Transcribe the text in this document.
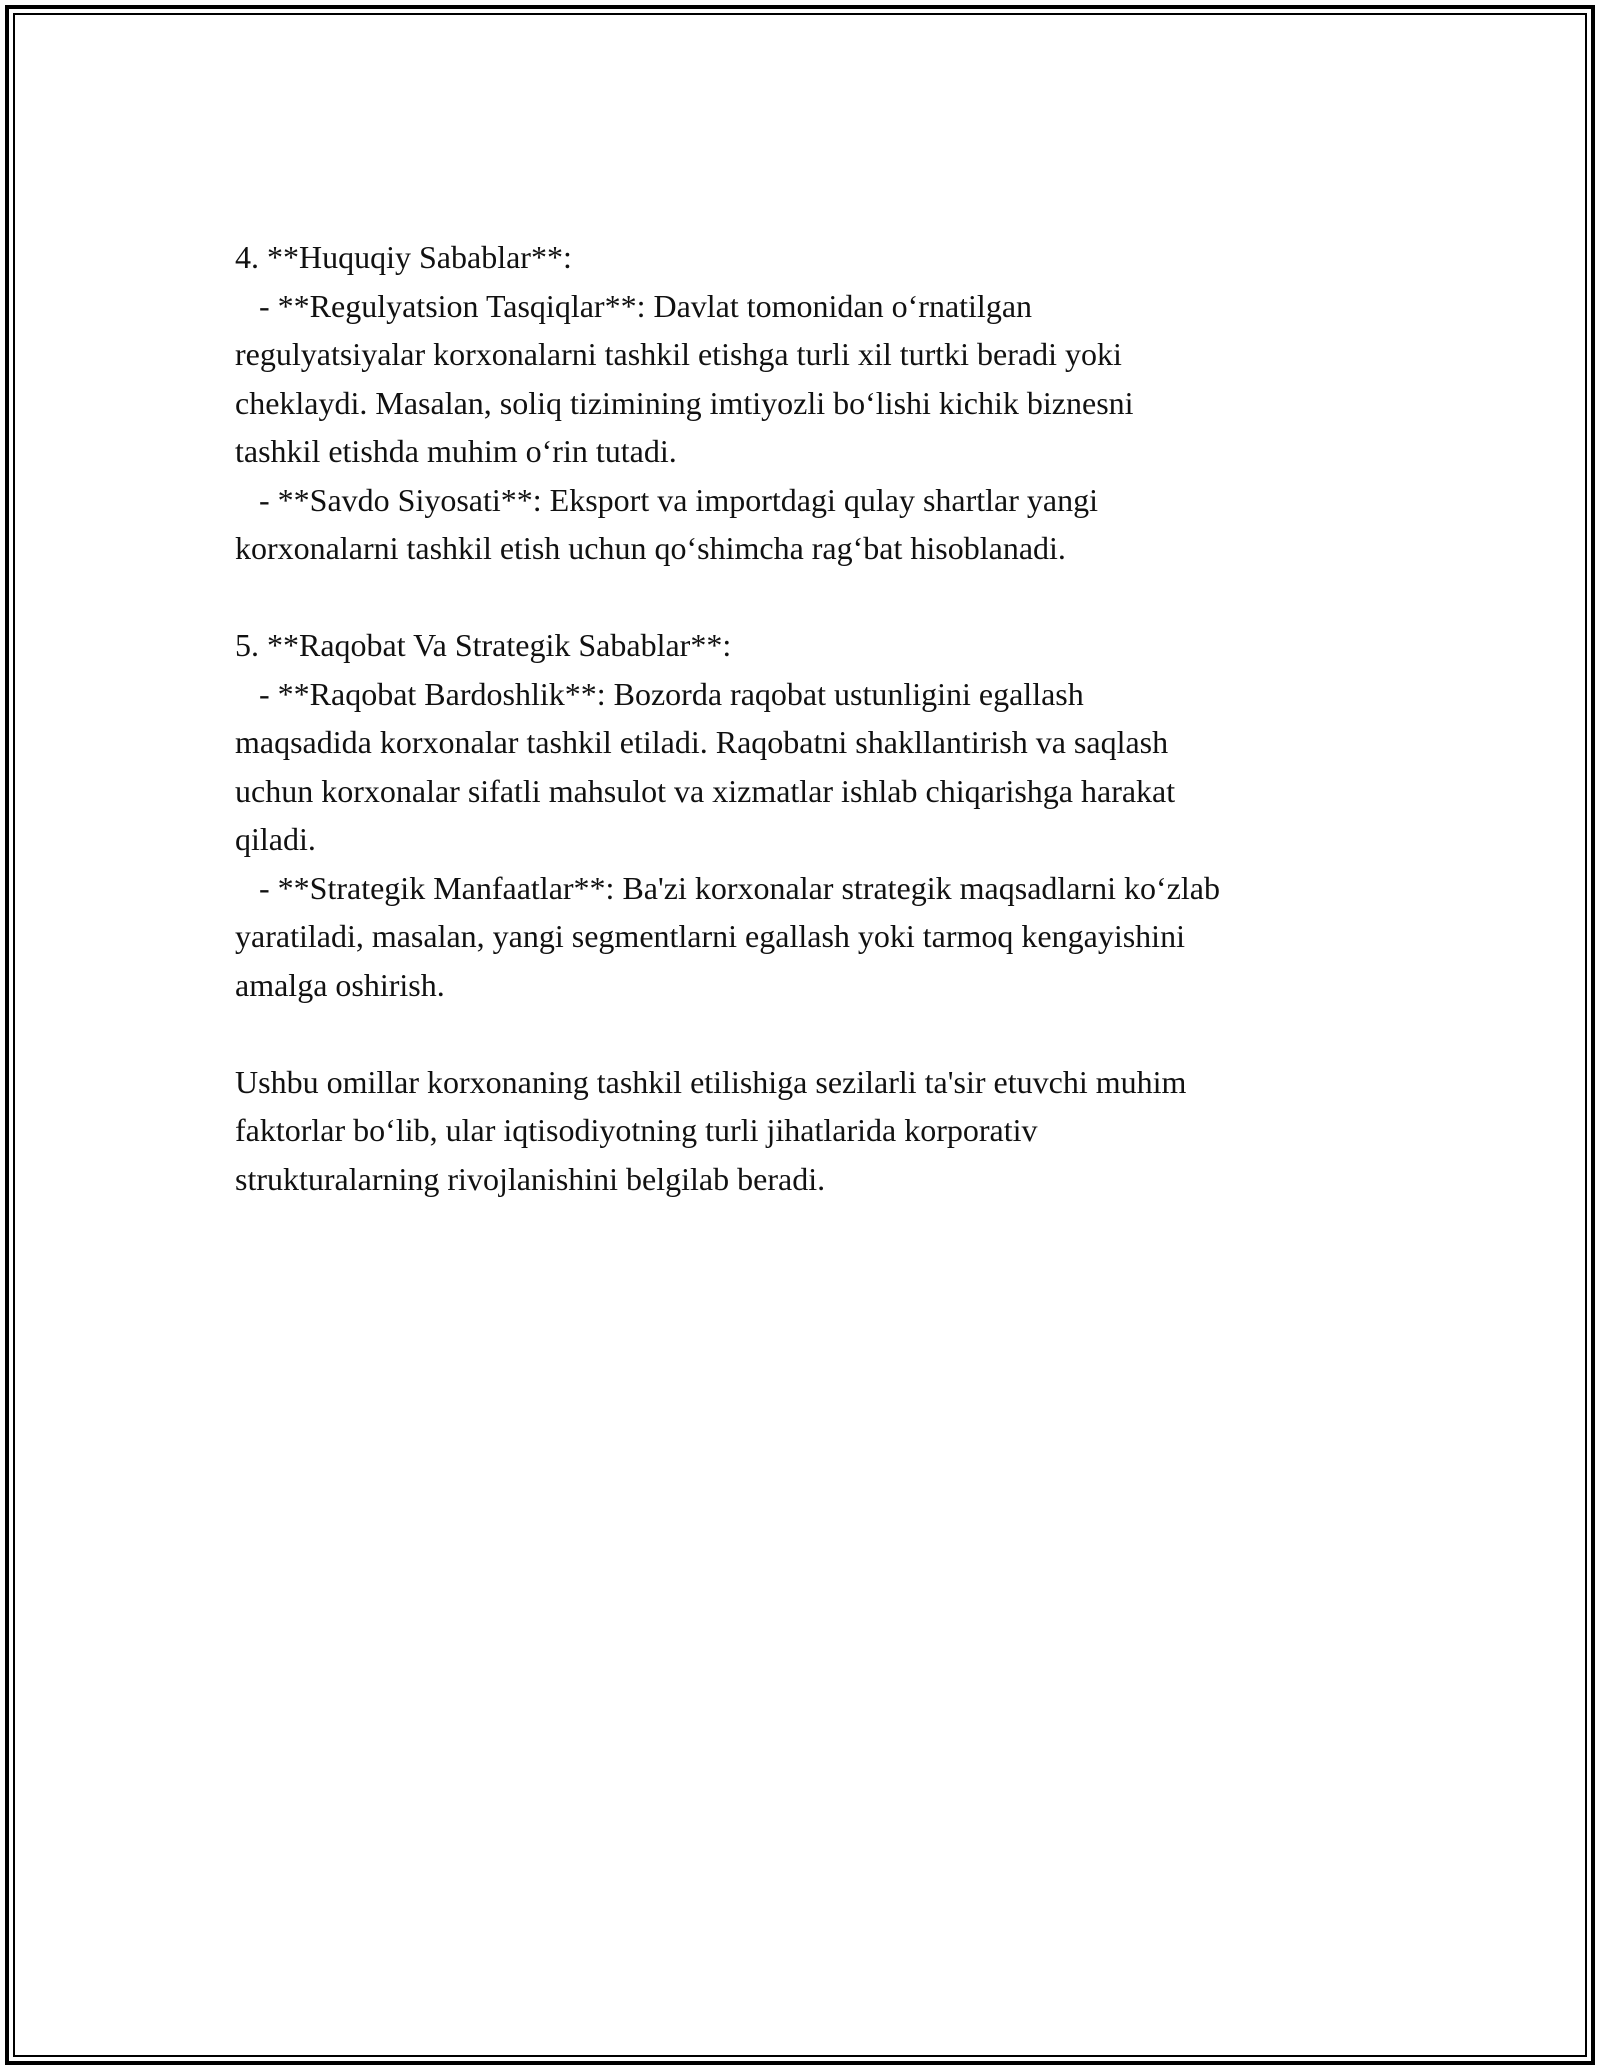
4. **Huquqiy Sabablar**:
- **Regulyatsion Tasqiqlar**: Davlat tomonidan o‘rnatilgan
regulyatsiyalar korxonalarni tashkil etishga turli xil turtki beradi yoki
cheklaydi. Masalan, soliq tizimining imtiyozli bo‘lishi kichik biznesni
tashkil etishda muhim o‘rin tutadi.
- **Savdo Siyosati**: Eksport va importdagi qulay shartlar yangi
korxonalarni tashkil etish uchun qo‘shimcha rag‘bat hisoblanadi.
5. **Raqobat Va Strategik Sabablar**:
- **Raqobat Bardoshlik**: Bozorda raqobat ustunligini egallash
maqsadida korxonalar tashkil etiladi. Raqobatni shakllantirish va saqlash
uchun korxonalar sifatli mahsulot va xizmatlar ishlab chiqarishga harakat
qiladi.
- **Strategik Manfaatlar**: Ba'zi korxonalar strategik maqsadlarni ko‘zlab
yaratiladi, masalan, yangi segmentlarni egallash yoki tarmoq kengayishini
amalga oshirish.
Ushbu omillar korxonaning tashkil etilishiga sezilarli ta'sir etuvchi muhim
faktorlar bo‘lib, ular iqtisodiyotning turli jihatlarida korporativ
strukturalarning rivojlanishini belgilab beradi.
